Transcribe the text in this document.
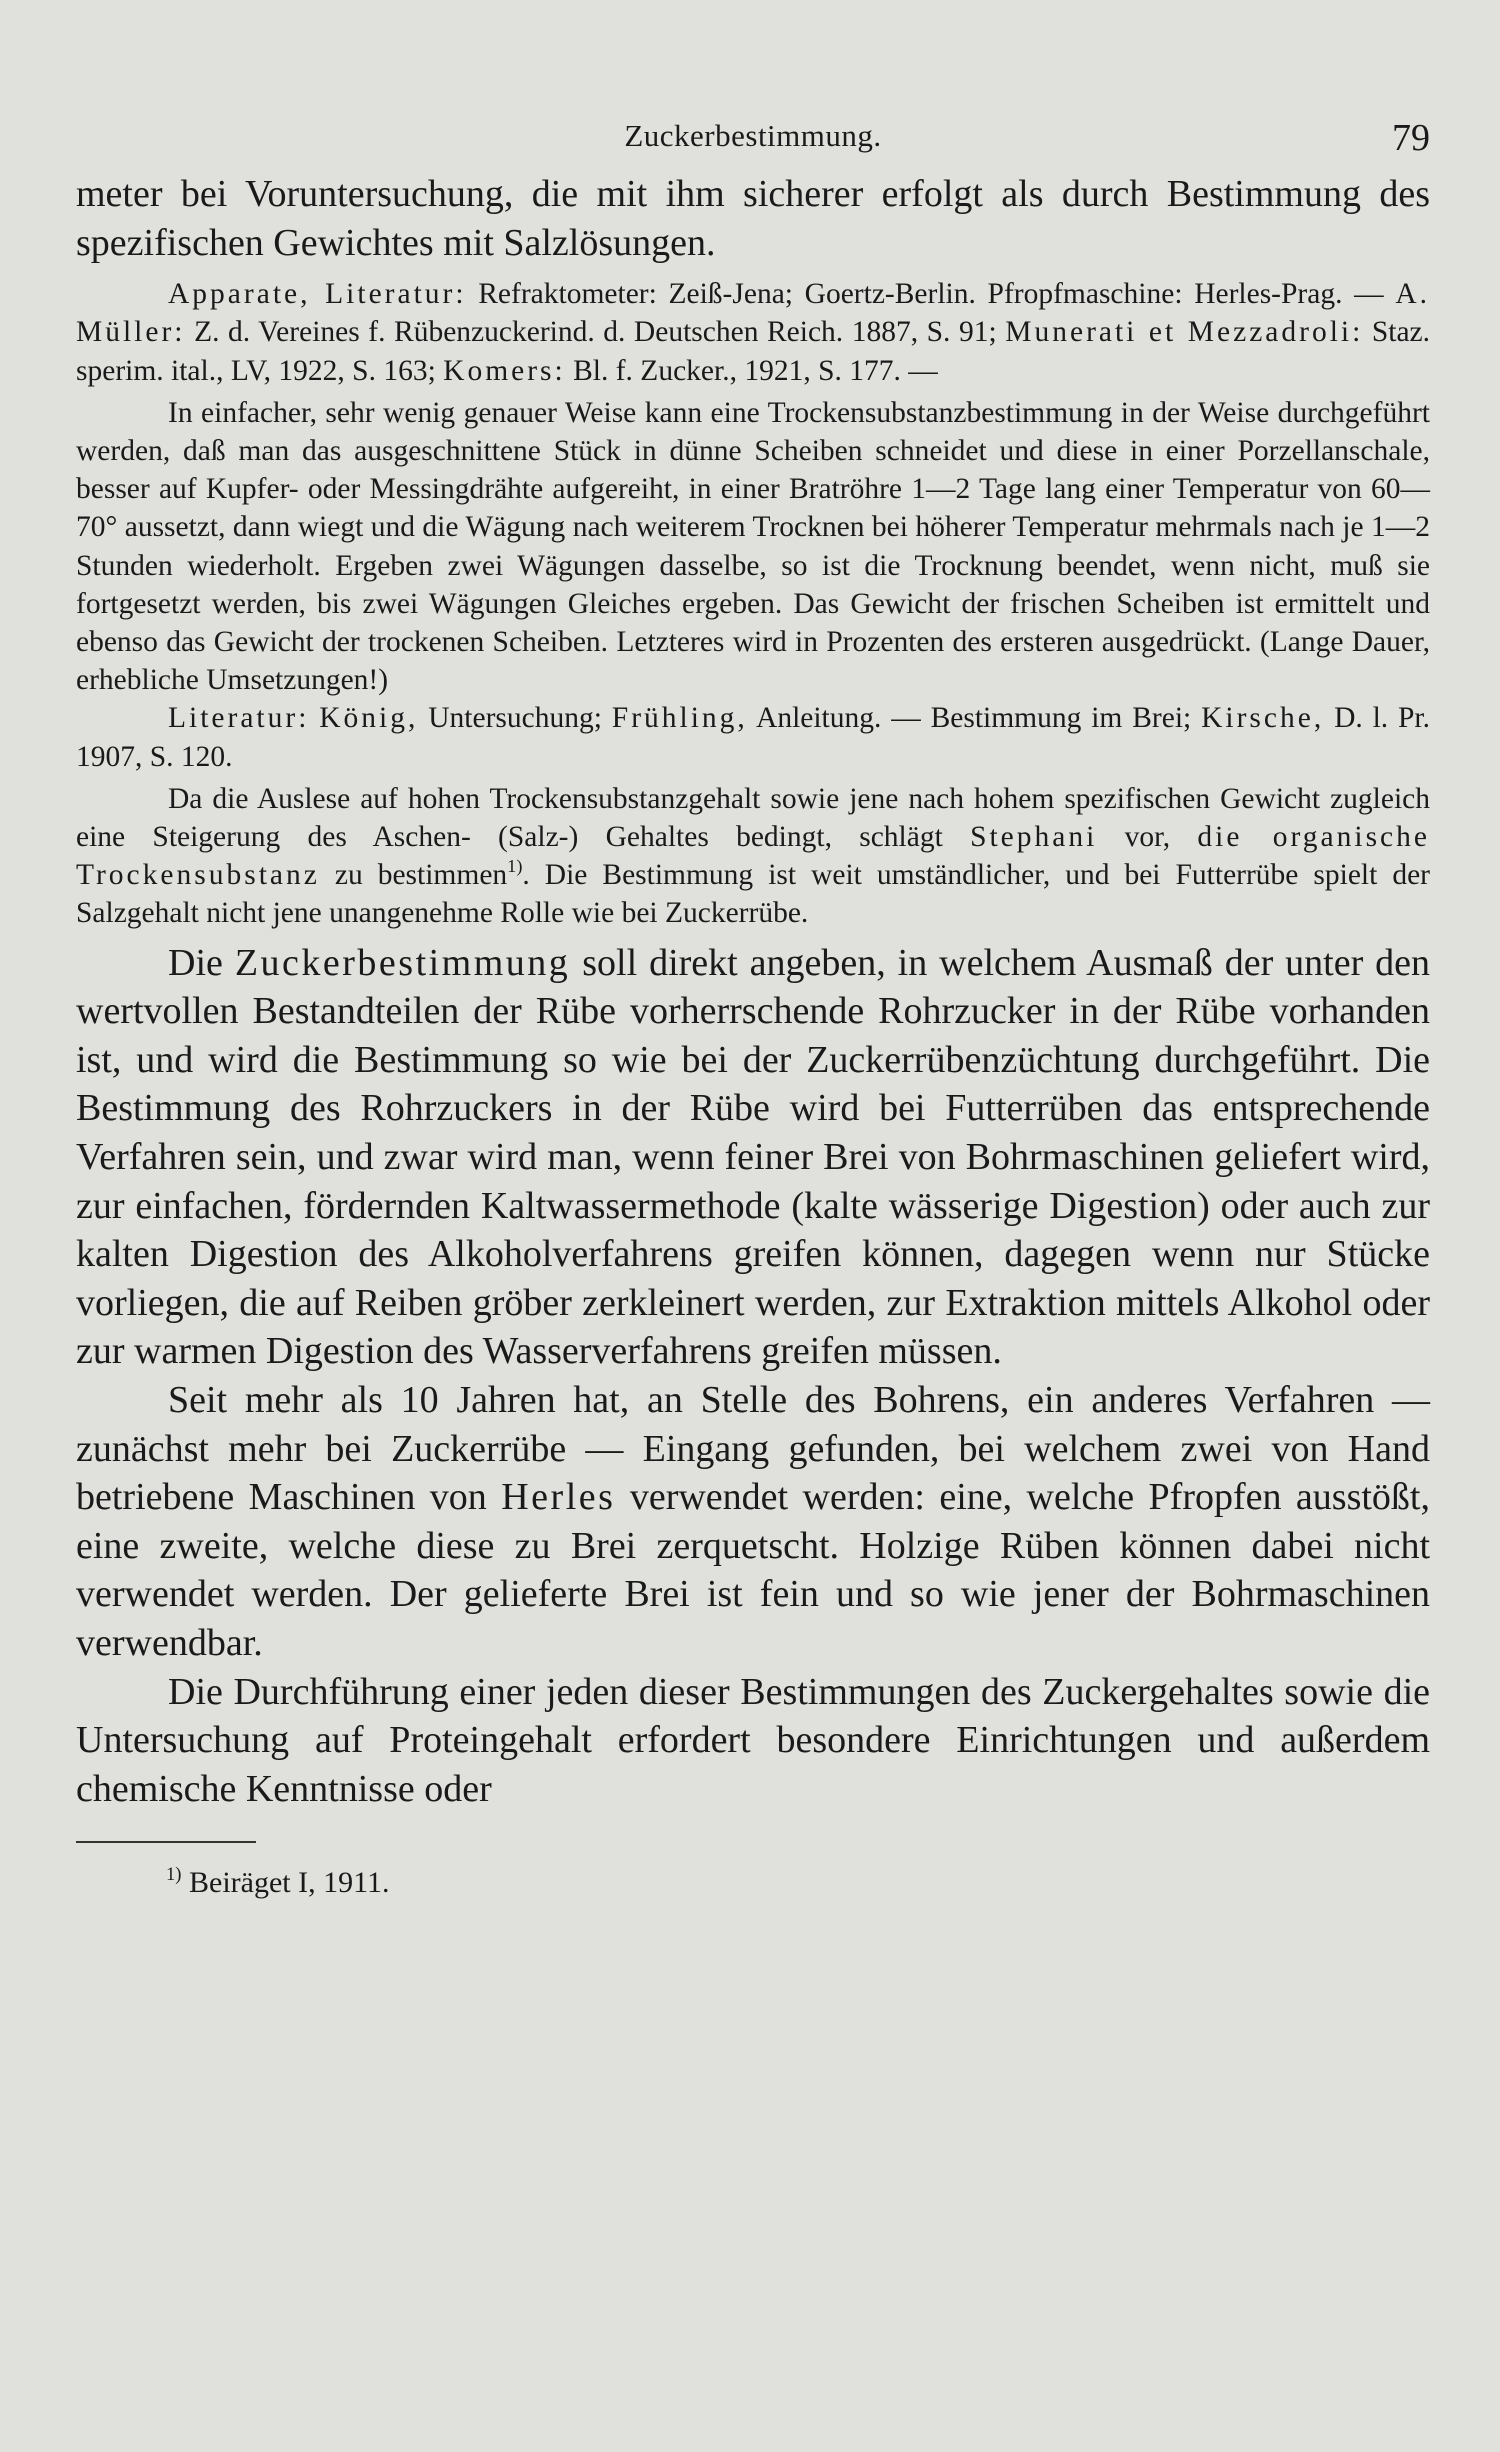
Zuckerbestimmung.	79

meter bei Voruntersuchung, die mit ihm sicherer erfolgt als durch Bestimmung des spezifischen Gewichtes mit Salzlösungen.

Apparate, Literatur: Refraktometer: Zeiß-Jena; Goertz-Berlin. Pfropfmaschine: Herles-Prag. — A. Müller: Z. d. Vereines f. Rübenzuckerind. d. Deutschen Reich. 1887, S. 91; Munerati et Mezzadroli: Staz. sperim. ital., LV, 1922, S. 163; Komers: Bl. f. Zucker., 1921, S. 177. —

In einfacher, sehr wenig genauer Weise kann eine Trockensubstanzbestimmung in der Weise durchgeführt werden, daß man das ausgeschnittene Stück in dünne Scheiben schneidet und diese in einer Porzellanschale, besser auf Kupfer- oder Messingdrähte aufgereiht, in einer Bratröhre 1—2 Tage lang einer Temperatur von 60—70° aussetzt, dann wiegt und die Wägung nach weiterem Trocknen bei höherer Temperatur mehrmals nach je 1—2 Stunden wiederholt. Ergeben zwei Wägungen dasselbe, so ist die Trocknung beendet, wenn nicht, muß sie fortgesetzt werden, bis zwei Wägungen Gleiches ergeben. Das Gewicht der frischen Scheiben ist ermittelt und ebenso das Gewicht der trockenen Scheiben. Letzteres wird in Prozenten des ersteren ausgedrückt. (Lange Dauer, erhebliche Umsetzungen!)

Literatur: König, Untersuchung; Frühling, Anleitung. — Bestimmung im Brei; Kirsche, D. l. Pr. 1907, S. 120.

Da die Auslese auf hohen Trockensubstanzgehalt sowie jene nach hohem spezifischen Gewicht zugleich eine Steigerung des Aschen- (Salz-) Gehaltes bedingt, schlägt Stephani vor, die organische Trockensubstanz zu bestimmen$^{1)}$. Die Bestimmung ist weit umständlicher, und bei Futterrübe spielt der Salzgehalt nicht jene unangenehme Rolle wie bei Zuckerrübe.

Die Zuckerbestimmung soll direkt angeben, in welchem Ausmaß der unter den wertvollen Bestandteilen der Rübe vorherrschende Rohrzucker in der Rübe vorhanden ist, und wird die Bestimmung so wie bei der Zuckerrübenzüchtung durchgeführt. Die Bestimmung des Rohrzuckers in der Rübe wird bei Futterrüben das entsprechende Verfahren sein, und zwar wird man, wenn feiner Brei von Bohrmaschinen geliefert wird, zur einfachen, fördernden Kaltwassermethode (kalte wässerige Digestion) oder auch zur kalten Digestion des Alkoholverfahrens greifen können, dagegen wenn nur Stücke vorliegen, die auf Reiben gröber zerkleinert werden, zur Extraktion mittels Alkohol oder zur warmen Digestion des Wasserverfahrens greifen müssen.

Seit mehr als 10 Jahren hat, an Stelle des Bohrens, ein anderes Verfahren — zunächst mehr bei Zuckerrübe — Eingang gefunden, bei welchem zwei von Hand betriebene Maschinen von Herles verwendet werden: eine, welche Pfropfen ausstößt, eine zweite, welche diese zu Brei zerquetscht. Holzige Rüben können dabei nicht verwendet werden. Der gelieferte Brei ist fein und so wie jener der Bohrmaschinen verwendbar.

Die Durchführung einer jeden dieser Bestimmungen des Zuckergehaltes sowie die Untersuchung auf Proteingehalt erfordert besondere Einrichtungen und außerdem chemische Kenntnisse oder

$^{1)}$ Beiräget I, 1911.
